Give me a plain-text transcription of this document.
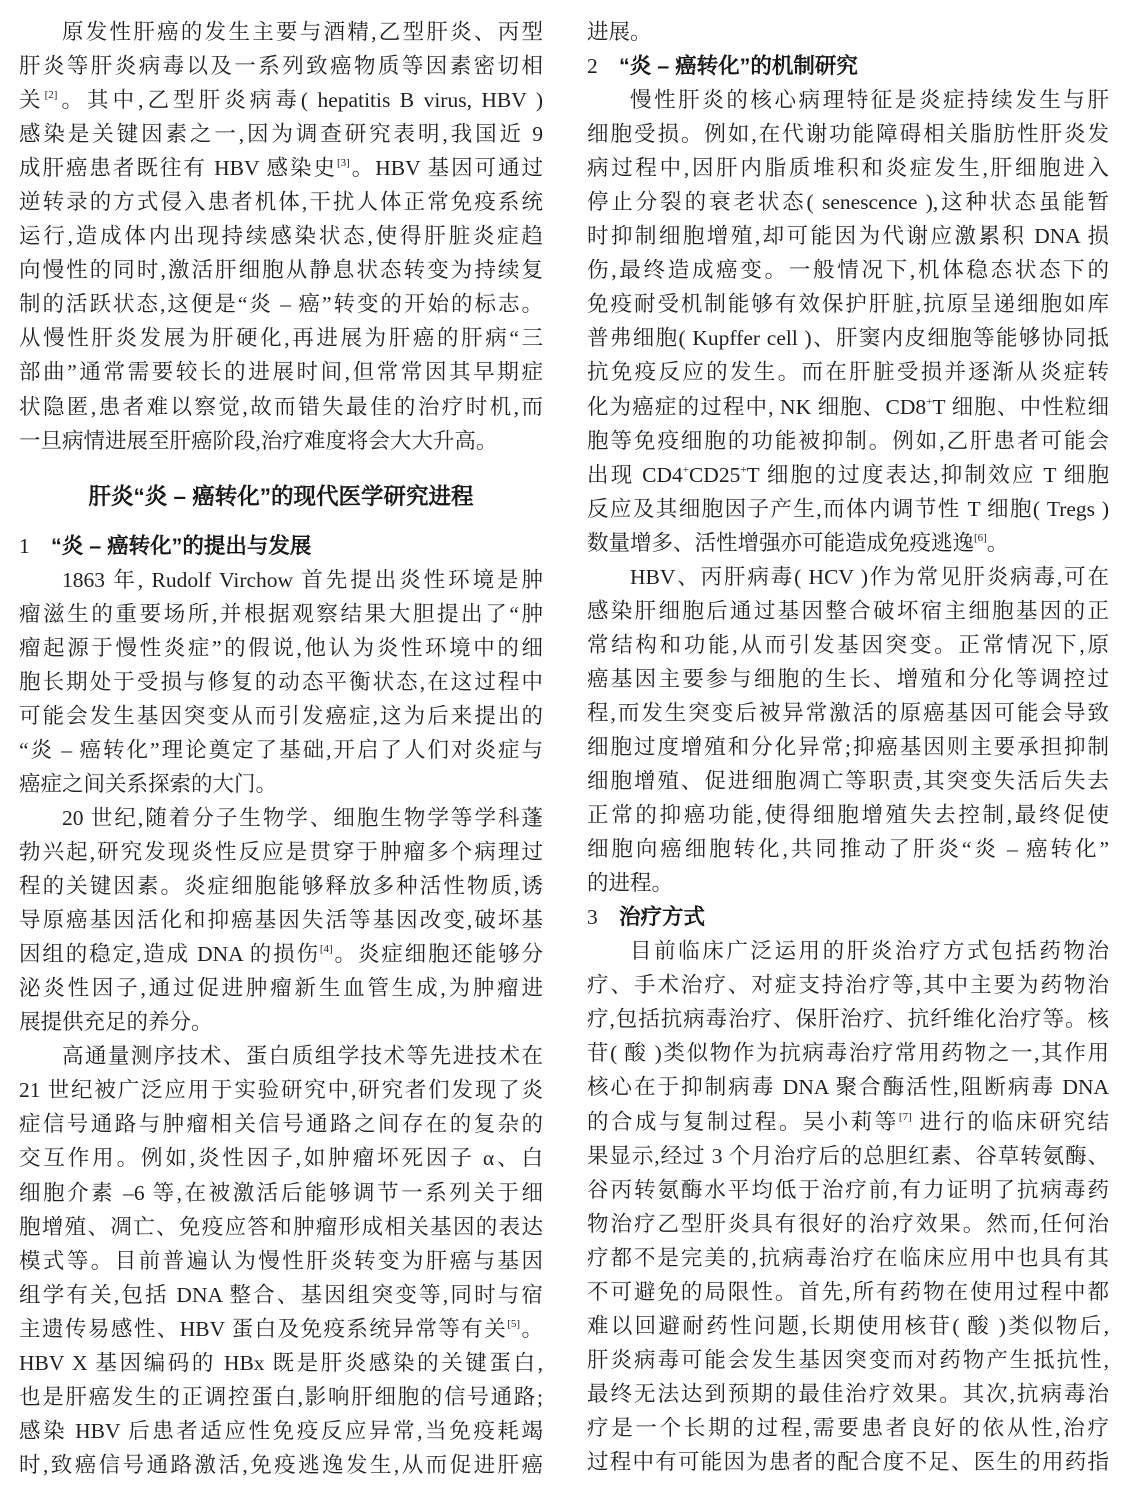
原发性肝癌的发生主要与酒精,乙型肝炎、丙型
肝炎等肝炎病毒以及一系列致癌物质等因素密切相
关[2]。其中,乙型肝炎病毒( hepatitis B virus, HBV )
感染是关键因素之一,因为调查研究表明,我国近 9
成肝癌患者既往有 HBV 感染史[3]。HBV 基因可通过
逆转录的方式侵入患者机体,干扰人体正常免疫系统
运行,造成体内出现持续感染状态,使得肝脏炎症趋
向慢性的同时,激活肝细胞从静息状态转变为持续复
制的活跃状态,这便是“炎 – 癌”转变的开始的标志。
从慢性肝炎发展为肝硬化,再进展为肝癌的肝病“三
部曲”通常需要较长的进展时间,但常常因其早期症
状隐匿,患者难以察觉,故而错失最佳的治疗时机,而
一旦病情进展至肝癌阶段,治疗难度将会大大升高。
肝炎“炎 – 癌转化”的现代医学研究进程
1 “炎 – 癌转化”的提出与发展
1863 年, Rudolf Virchow 首先提出炎性环境是肿
瘤滋生的重要场所,并根据观察结果大胆提出了“肿
瘤起源于慢性炎症”的假说,他认为炎性环境中的细
胞长期处于受损与修复的动态平衡状态,在这过程中
可能会发生基因突变从而引发癌症,这为后来提出的
“炎 – 癌转化”理论奠定了基础,开启了人们对炎症与
癌症之间关系探索的大门。
20 世纪,随着分子生物学、细胞生物学等学科蓬
勃兴起,研究发现炎性反应是贯穿于肿瘤多个病理过
程的关键因素。炎症细胞能够释放多种活性物质,诱
导原癌基因活化和抑癌基因失活等基因改变,破坏基
因组的稳定,造成 DNA 的损伤[4]。炎症细胞还能够分
泌炎性因子,通过促进肿瘤新生血管生成,为肿瘤进
展提供充足的养分。
高通量测序技术、蛋白质组学技术等先进技术在
21 世纪被广泛应用于实验研究中,研究者们发现了炎
症信号通路与肿瘤相关信号通路之间存在的复杂的
交互作用。例如,炎性因子,如肿瘤坏死因子 α、白
细胞介素 –6 等,在被激活后能够调节一系列关于细
胞增殖、凋亡、免疫应答和肿瘤形成相关基因的表达
模式等。目前普遍认为慢性肝炎转变为肝癌与基因
组学有关,包括 DNA 整合、基因组突变等,同时与宿
主遗传易感性、HBV 蛋白及免疫系统异常等有关[5]。
HBV X 基因编码的 HBx 既是肝炎感染的关键蛋白,
也是肝癌发生的正调控蛋白,影响肝细胞的信号通路;
感染 HBV 后患者适应性免疫反应异常,当免疫耗竭
时,致癌信号通路激活,免疫逃逸发生,从而促进肝癌
进展。
2 “炎 – 癌转化”的机制研究
慢性肝炎的核心病理特征是炎症持续发生与肝
细胞受损。例如,在代谢功能障碍相关脂肪性肝炎发
病过程中,因肝内脂质堆积和炎症发生,肝细胞进入
停止分裂的衰老状态( senescence ),这种状态虽能暂
时抑制细胞增殖,却可能因为代谢应激累积 DNA 损
伤,最终造成癌变。一般情况下,机体稳态状态下的
免疫耐受机制能够有效保护肝脏,抗原呈递细胞如库
普弗细胞( Kupffer cell )、肝窦内皮细胞等能够协同抵
抗免疫反应的发生。而在肝脏受损并逐渐从炎症转
化为癌症的过程中, NK 细胞、CD8+T 细胞、中性粒细
胞等免疫细胞的功能被抑制。例如,乙肝患者可能会
出现 CD4+CD25+T 细胞的过度表达,抑制效应 T 细胞
反应及其细胞因子产生,而体内调节性 T 细胞( Tregs )
数量增多、活性增强亦可能造成免疫逃逸[6]。
HBV、丙肝病毒( HCV )作为常见肝炎病毒,可在
感染肝细胞后通过基因整合破坏宿主细胞基因的正
常结构和功能,从而引发基因突变。正常情况下,原
癌基因主要参与细胞的生长、增殖和分化等调控过
程,而发生突变后被异常激活的原癌基因可能会导致
细胞过度增殖和分化异常;抑癌基因则主要承担抑制
细胞增殖、促进细胞凋亡等职责,其突变失活后失去
正常的抑癌功能,使得细胞增殖失去控制,最终促使
细胞向癌细胞转化,共同推动了肝炎“炎 – 癌转化”
的进程。
3 治疗方式
目前临床广泛运用的肝炎治疗方式包括药物治
疗、手术治疗、对症支持治疗等,其中主要为药物治
疗,包括抗病毒治疗、保肝治疗、抗纤维化治疗等。核
苷( 酸 )类似物作为抗病毒治疗常用药物之一,其作用
核心在于抑制病毒 DNA 聚合酶活性,阻断病毒 DNA
的合成与复制过程。吴小莉等[7] 进行的临床研究结
果显示,经过 3 个月治疗后的总胆红素、谷草转氨酶、
谷丙转氨酶水平均低于治疗前,有力证明了抗病毒药
物治疗乙型肝炎具有很好的治疗效果。然而,任何治
疗都不是完美的,抗病毒治疗在临床应用中也具有其
不可避免的局限性。首先,所有药物在使用过程中都
难以回避耐药性问题,长期使用核苷( 酸 )类似物后,
肝炎病毒可能会发生基因突变而对药物产生抵抗性,
最终无法达到预期的最佳治疗效果。其次,抗病毒治
疗是一个长期的过程,需要患者良好的依从性,治疗
过程中有可能因为患者的配合度不足、医生的用药指
